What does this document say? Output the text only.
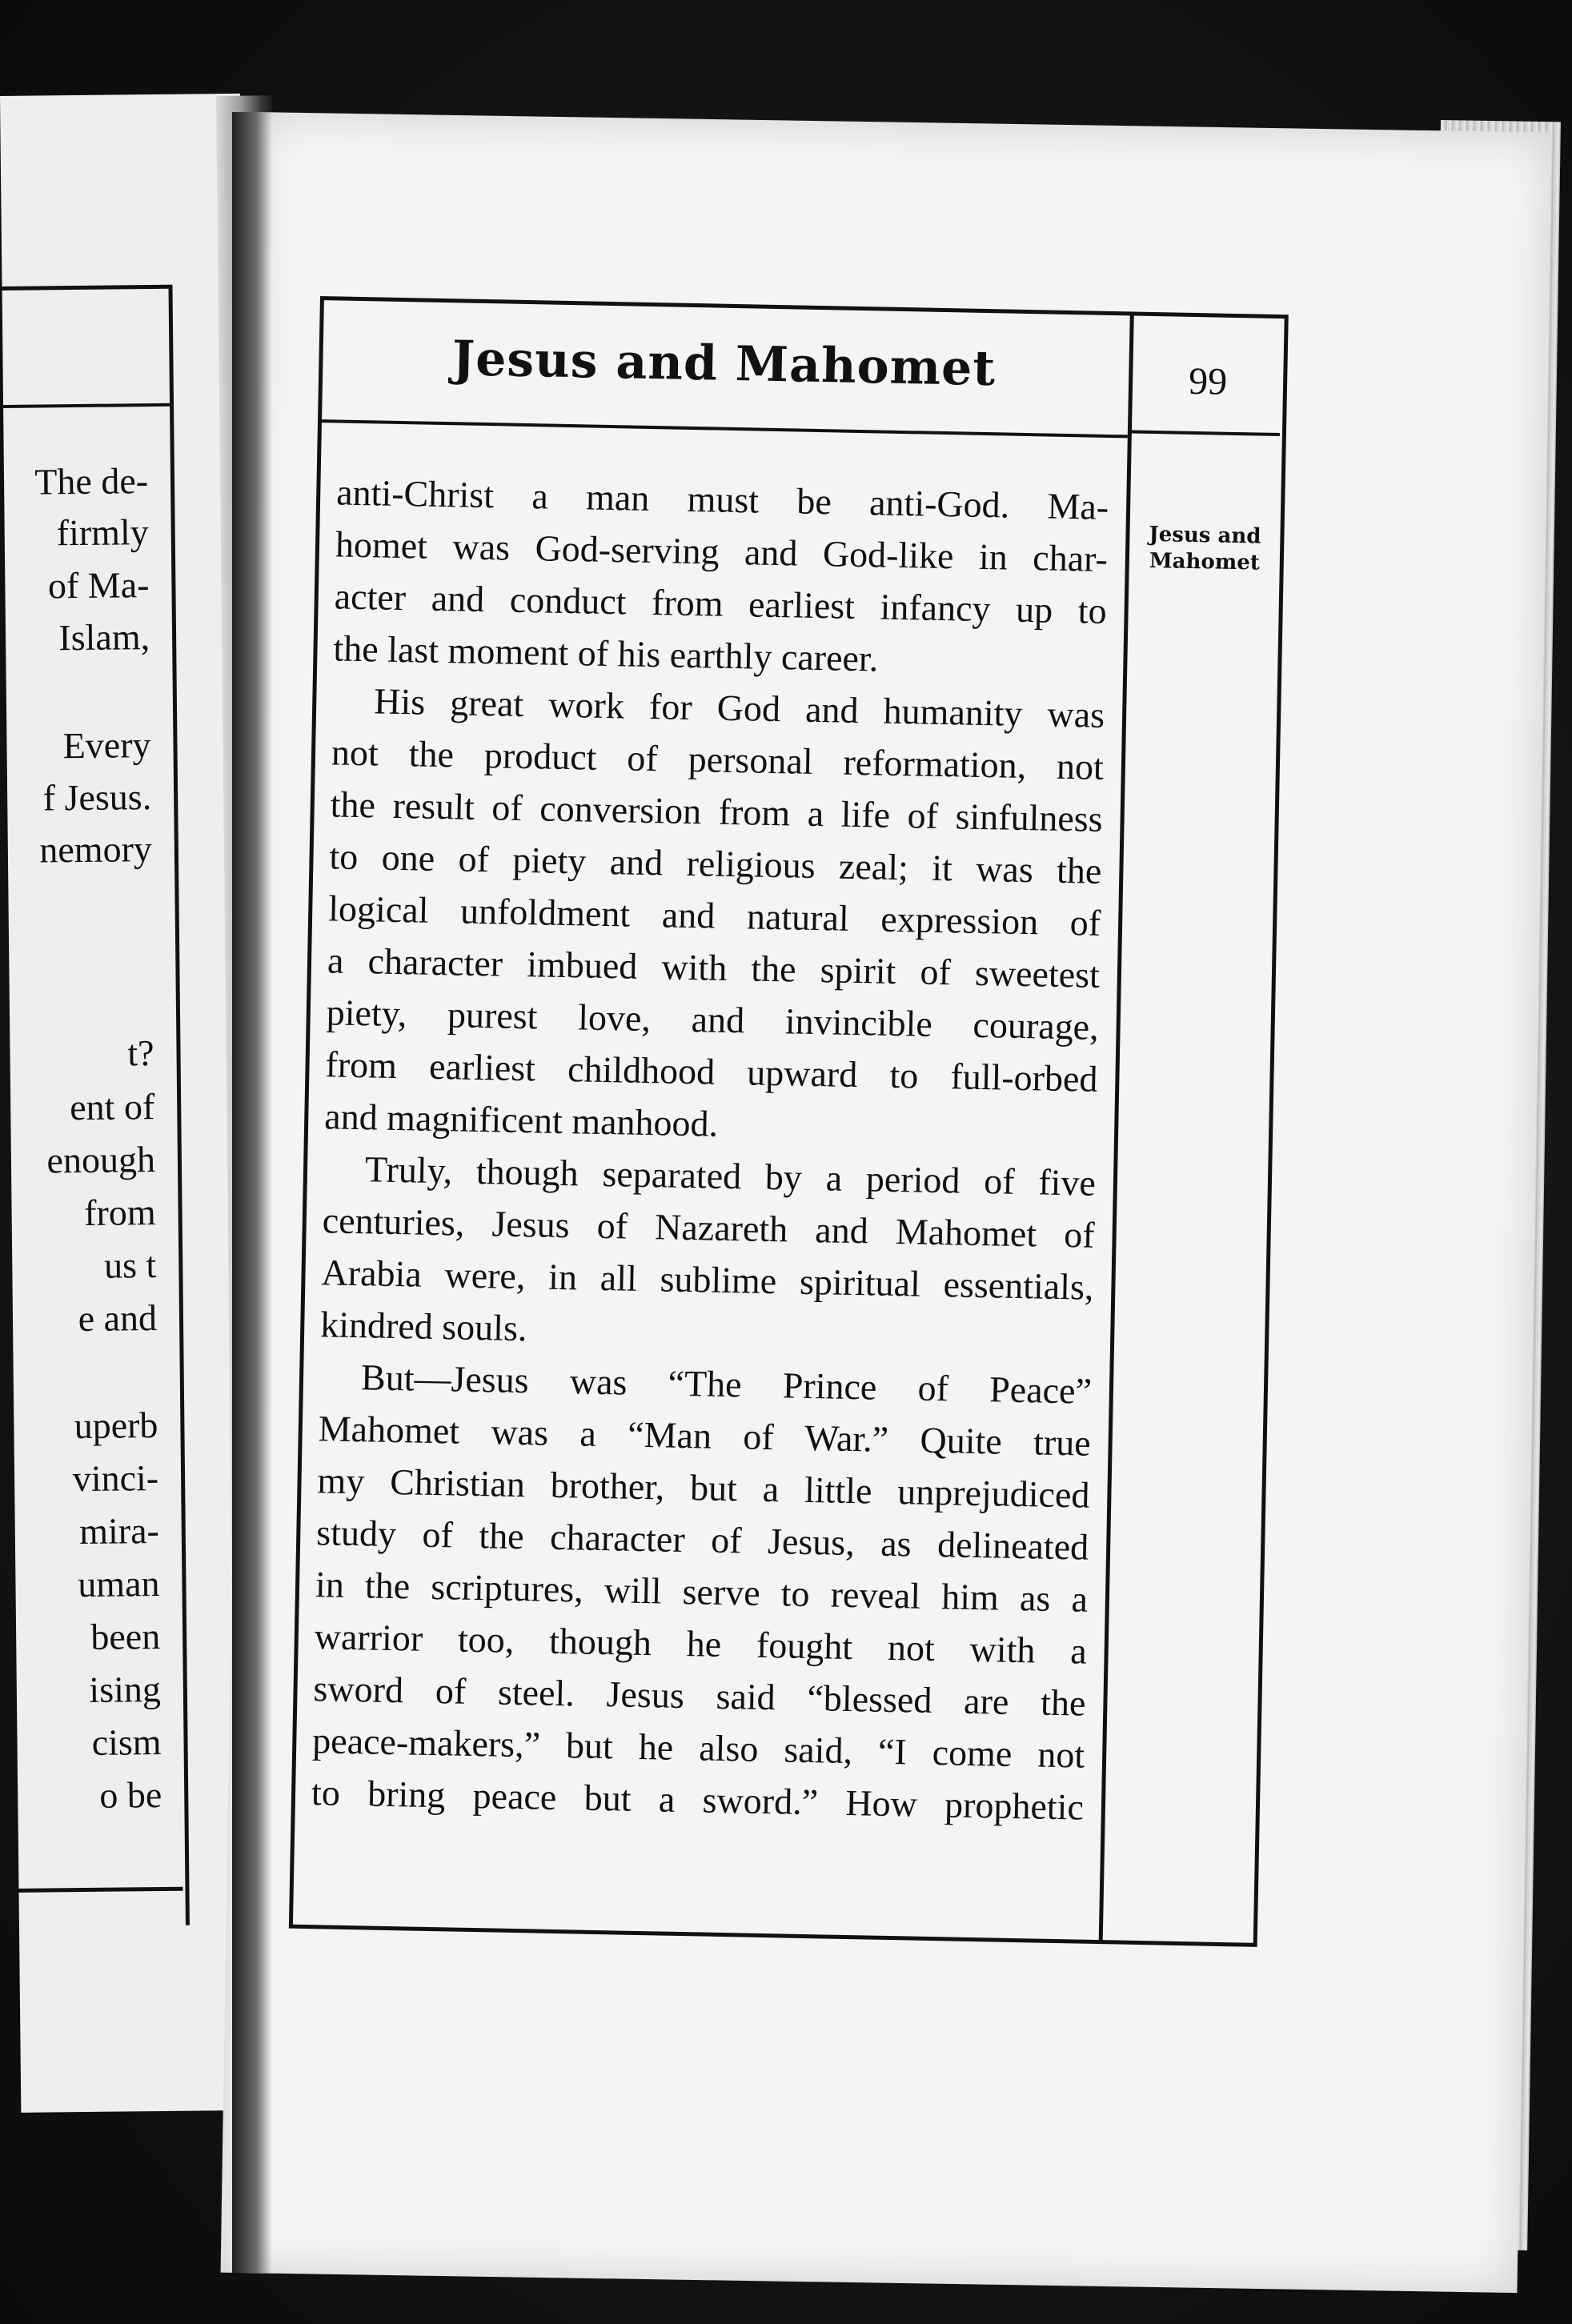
The de-
firmly
of Ma-
Islam,
Every
f Jesus.
nemory
t?
ent of
enough
from
us t
e and
uperb
vinci-
mira-
uman
been
ising
cism
o be
Jesus and Mahomet	99
Jesus and
Mahomet
anti-Christ a man must be anti-God. Ma-
homet was God-serving and God-like in char-
acter and conduct from earliest infancy up to
the last moment of his earthly career.
His great work for God and humanity was
not the product of personal reformation, not
the result of conversion from a life of sinfulness
to one of piety and religious zeal; it was the
logical unfoldment and natural expression of
a character imbued with the spirit of sweetest
piety, purest love, and invincible courage,
from earliest childhood upward to full-orbed
and magnificent manhood.
Truly, though separated by a period of five
centuries, Jesus of Nazareth and Mahomet of
Arabia were, in all sublime spiritual essentials,
kindred souls.
But—Jesus was “The Prince of Peace”
Mahomet was a “Man of War.” Quite true
my Christian brother, but a little unprejudiced
study of the character of Jesus, as delineated
in the scriptures, will serve to reveal him as a
warrior too, though he fought not with a
sword of steel. Jesus said “blessed are the
peace-makers,” but he also said, “I come not
to bring peace but a sword.” How prophetic
